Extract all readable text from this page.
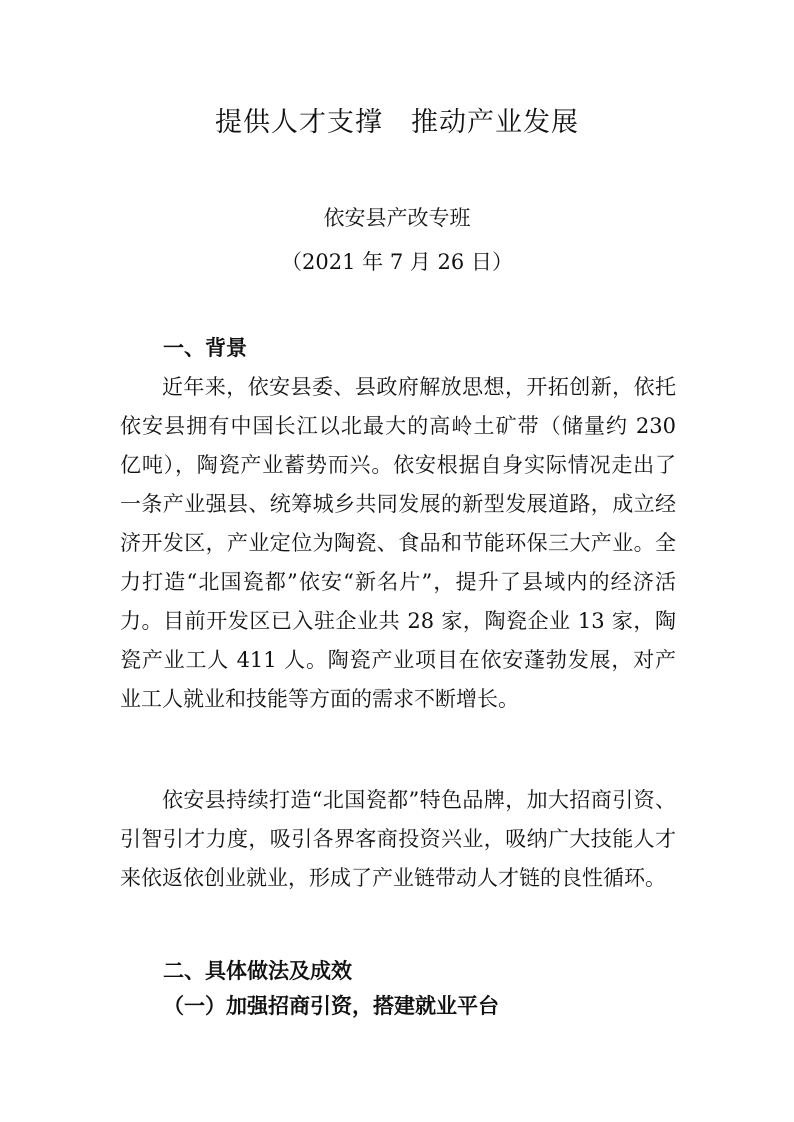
提供人才支撑　推动产业发展
依安县产改专班
（2021 年 7 月 26 日）
一、背景

近年来，依安县委、县政府解放思想，开拓创新，依托依安县拥有中国长江以北最大的高岭土矿带（储量约 230 亿吨），陶瓷产业蓄势而兴。依安根据自身实际情况走出了一条产业强县、统筹城乡共同发展的新型发展道路，成立经济开发区，产业定位为陶瓷、食品和节能环保三大产业。全力打造“北国瓷都”依安“新名片”，提升了县域内的经济活力。目前开发区已入驻企业共 28 家，陶瓷企业 13 家，陶瓷产业工人 411 人。陶瓷产业项目在依安蓬勃发展，对产业工人就业和技能等方面的需求不断增长。

依安县持续打造“北国瓷都”特色品牌，加大招商引资、引智引才力度，吸引各界客商投资兴业，吸纳广大技能人才来依返依创业就业，形成了产业链带动人才链的良性循环。

二、具体做法及成效
（一）加强招商引资，搭建就业平台
